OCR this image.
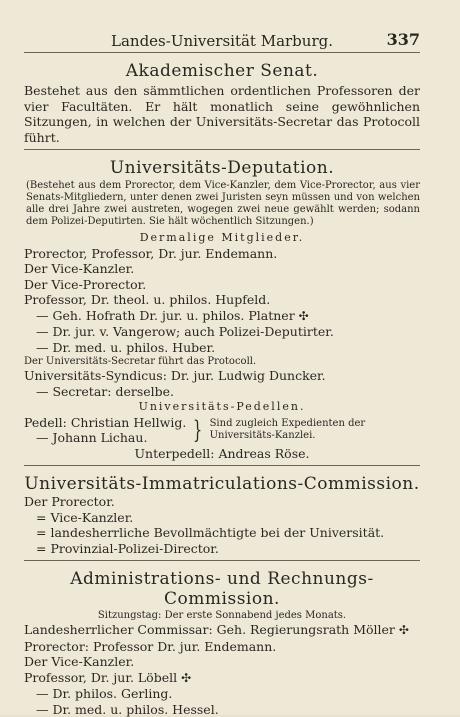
Landes-Universität Marburg.	337
Akademischer Senat.
Bestehet aus den sämmtlichen ordentlichen Professoren der vier Facultäten. Er hält monatlich seine gewöhnlichen Sitzungen, in welchen der Universitäts-Secretar das Protocoll führt.
Universitäts-Deputation.
(Bestehet aus dem Prorector, dem Vice-Kanzler, dem Vice-Prorector, aus vier Senats-Mitgliedern, unter denen zwei Juristen seyn müssen und von welchen alle drei Jahre zwei austreten, wogegen zwei neue gewählt werden; sodann dem Polizei-Deputirten. Sie hält wöchentlich Sitzungen.)
Dermalige Mitglieder.
Prorector, Professor, Dr. jur. Endemann.
Der Vice-Kanzler.
Der Vice-Prorector.
Professor, Dr. theol. u. philos. Hupfeld.
— Geh. Hofrath Dr. jur. u. philos. Platner ✣
— Dr. jur. v. Vangerow; auch Polizei-Deputirter.
— Dr. med. u. philos. Huber.
Der Universitäts-Secretar führt das Protocoll.
Universitäts-Syndicus: Dr. jur. Ludwig Duncker.
— Secretar: derselbe.
Universitäts-Pedellen.
Pedell: Christian Hellwig.
— Johann Lichau.	} Sind zugleich Expedienten der Universitäts-Kanzlei.
Unterpedell: Andreas Röse.
Universitäts-Immatriculations-Commission.
Der Prorector.
= Vice-Kanzler.
= landesherrliche Bevollmächtigte bei der Universität.
= Provinzial-Polizei-Director.
Administrations- und Rechnungs-Commission.
Sitzungstag: Der erste Sonnabend jedes Monats.
Landesherrlicher Commissar: Geh. Regierungsrath Möller ✣
Prorector: Professor Dr. jur. Endemann.
Der Vice-Kanzler.
Professor, Dr. jur. Löbell ✣
— Dr. philos. Gerling.
— Dr. med. u. philos. Hessel.
